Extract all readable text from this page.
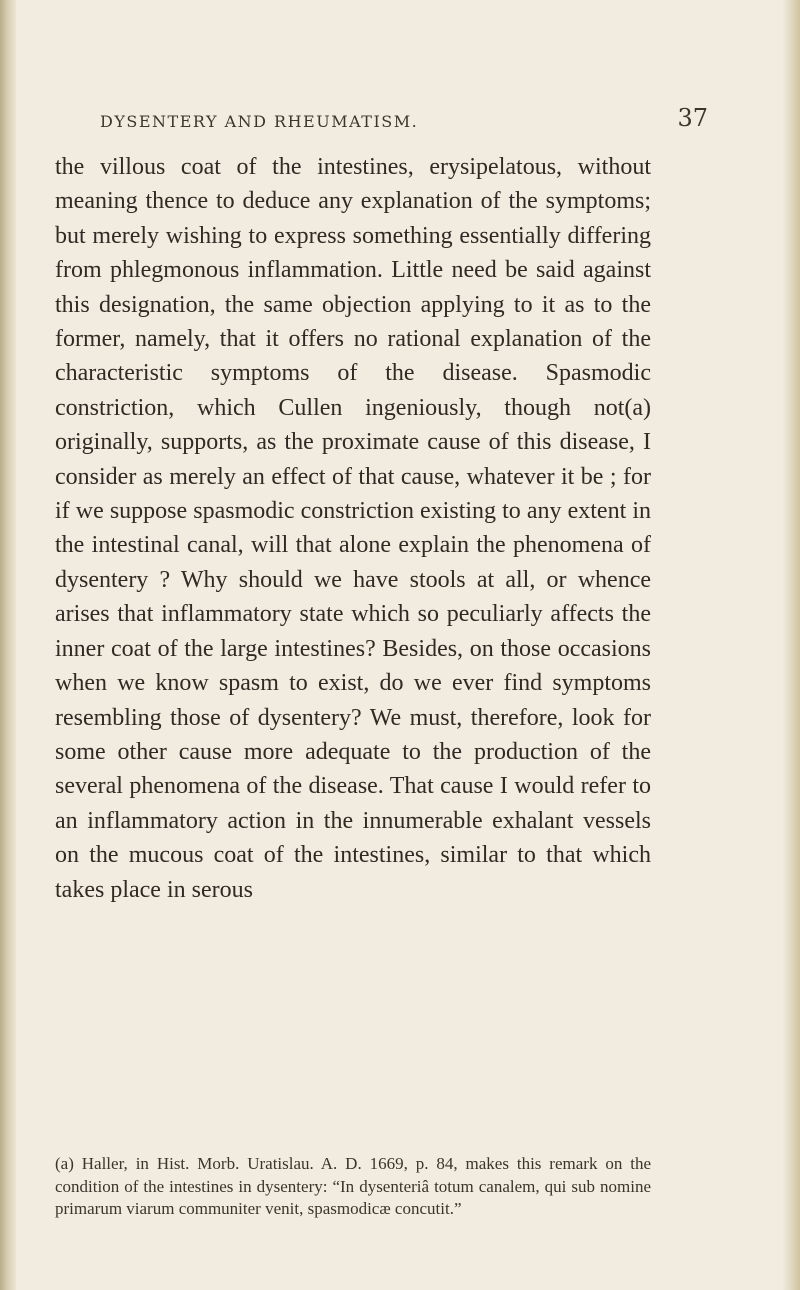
DYSENTERY AND RHEUMATISM.	37

the villous coat of the intestines, erysipelatous, without meaning thence to deduce any explanation of the symptoms; but merely wishing to express something essentially differing from phlegmonous inflammation. Little need be said against this designation, the same objection applying to it as to the former, namely, that it offers no rational explanation of the characteristic symptoms of the disease. Spasmodic constriction, which Cullen ingeniously, though not(a) originally, supports, as the proximate cause of this disease, I consider as merely an effect of that cause, whatever it be ; for if we suppose spasmodic constriction existing to any extent in the intestinal canal, will that alone explain the phenomena of dysentery ? Why should we have stools at all, or whence arises that inflammatory state which so peculiarly affects the inner coat of the large intestines? Besides, on those occasions when we know spasm to exist, do we ever find symptoms resembling those of dysentery? We must, therefore, look for some other cause more adequate to the production of the several phenomena of the disease. That cause I would refer to an inflammatory action in the innumerable exhalant vessels on the mucous coat of the intestines, similar to that which takes place in serous

(a) Haller, in Hist. Morb. Uratislau. A. D. 1669, p. 84, makes this remark on the condition of the intestines in dysentery: “In dysenteriâ totum canalem, qui sub nomine primarum viarum communiter venit, spasmodicæ concutit.”
